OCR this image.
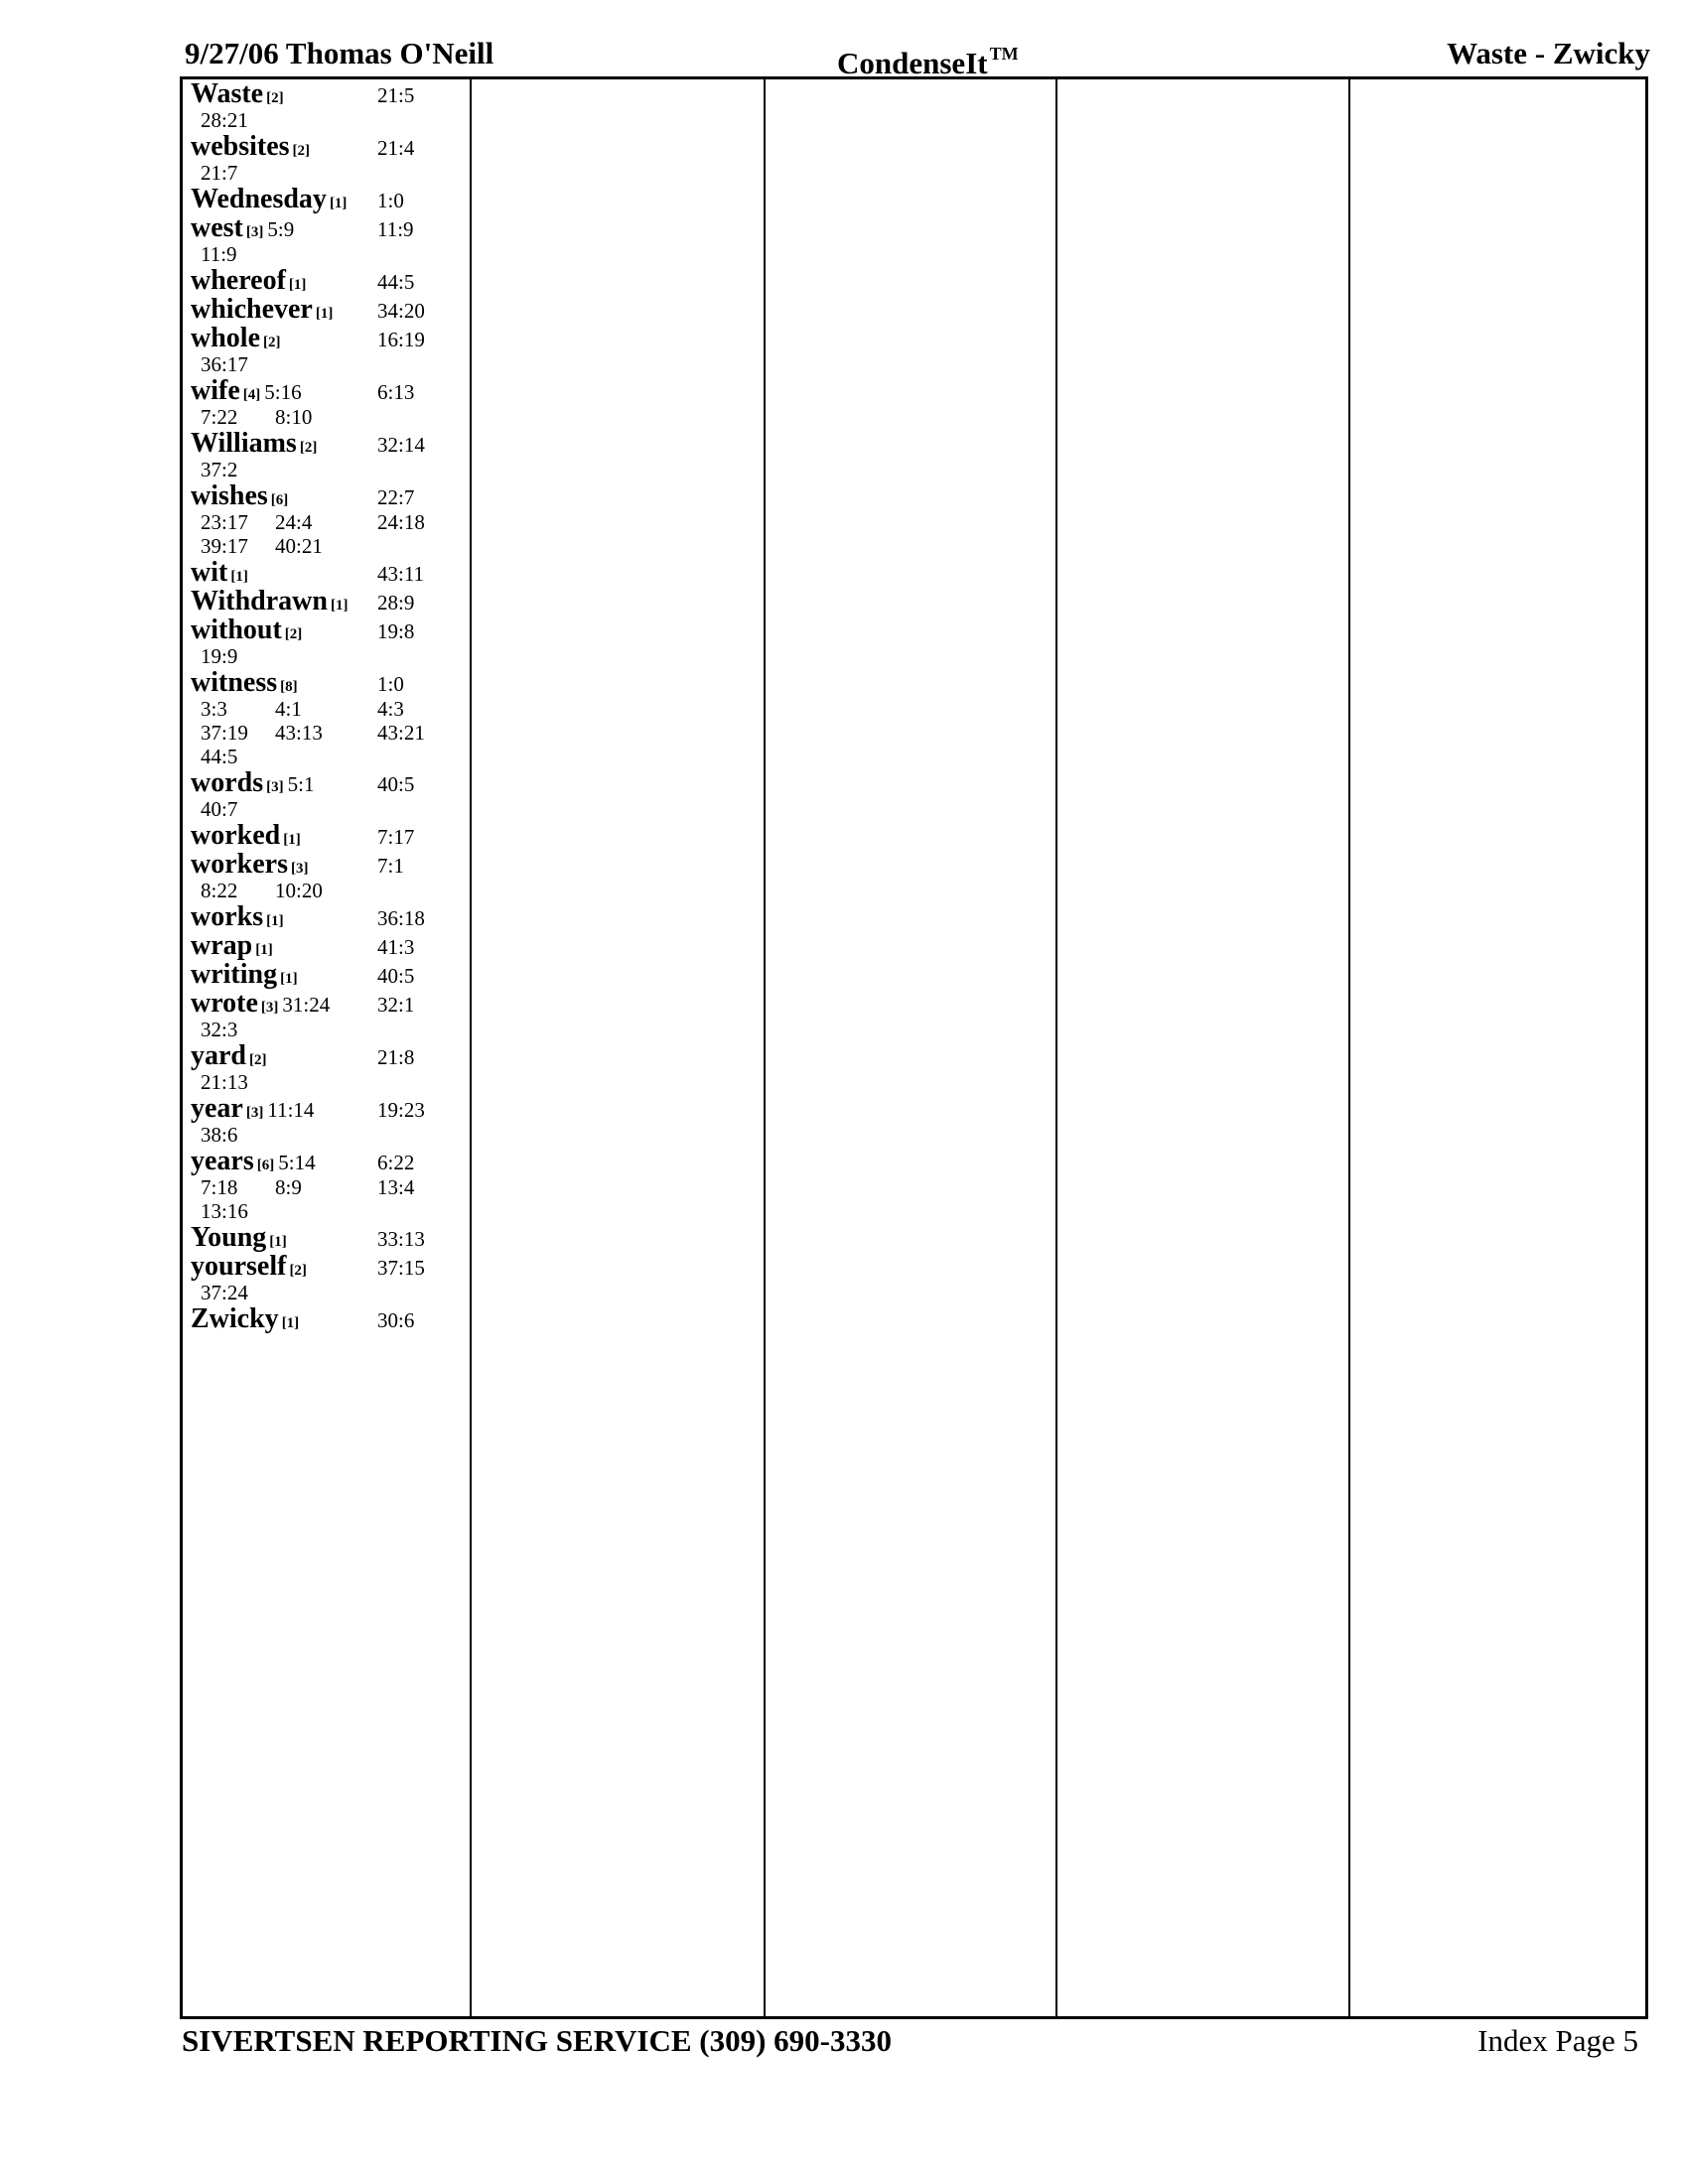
9/27/06 Thomas O'Neill	CondenseIt ™	Waste - Zwicky
Waste [2]	21:5
28:21
websites [2]	21:4
21:7
Wednesday [1] 1:0
west [3] 5:9	11:9
11:9
whereof [1]	44:5
whichever [1] 34:20
whole [2]	16:19
36:17
wife [4] 5:16	6:13
7:22 8:10
Williams [2]	32:14
37:2
wishes [6]	22:7
23:17 24:4	24:18
39:17 40:21
wit [1]	43:11
Withdrawn [1] 28:9
without [2]	19:8
19:9
witness [8]	1:0
3:3 4:1	4:3
37:19 43:13	43:21
44:5
words [3] 5:1	40:5
40:7
worked [1]	7:17
workers [3]	7:1
8:22 10:20
works [1]	36:18
wrap [1]	41:3
writing [1]	40:5
wrote [3] 31:24 32:1
32:3
yard [2]	21:8
21:13
year [3] 11:14	19:23
38:6
years [6] 5:14	6:22
7:18 8:9	13:4
13:16
Young [1]	33:13
yourself [2]	37:15
37:24
Zwicky [1]	30:6
SIVERTSEN REPORTING SERVICE (309) 690-3330	Index Page 5
